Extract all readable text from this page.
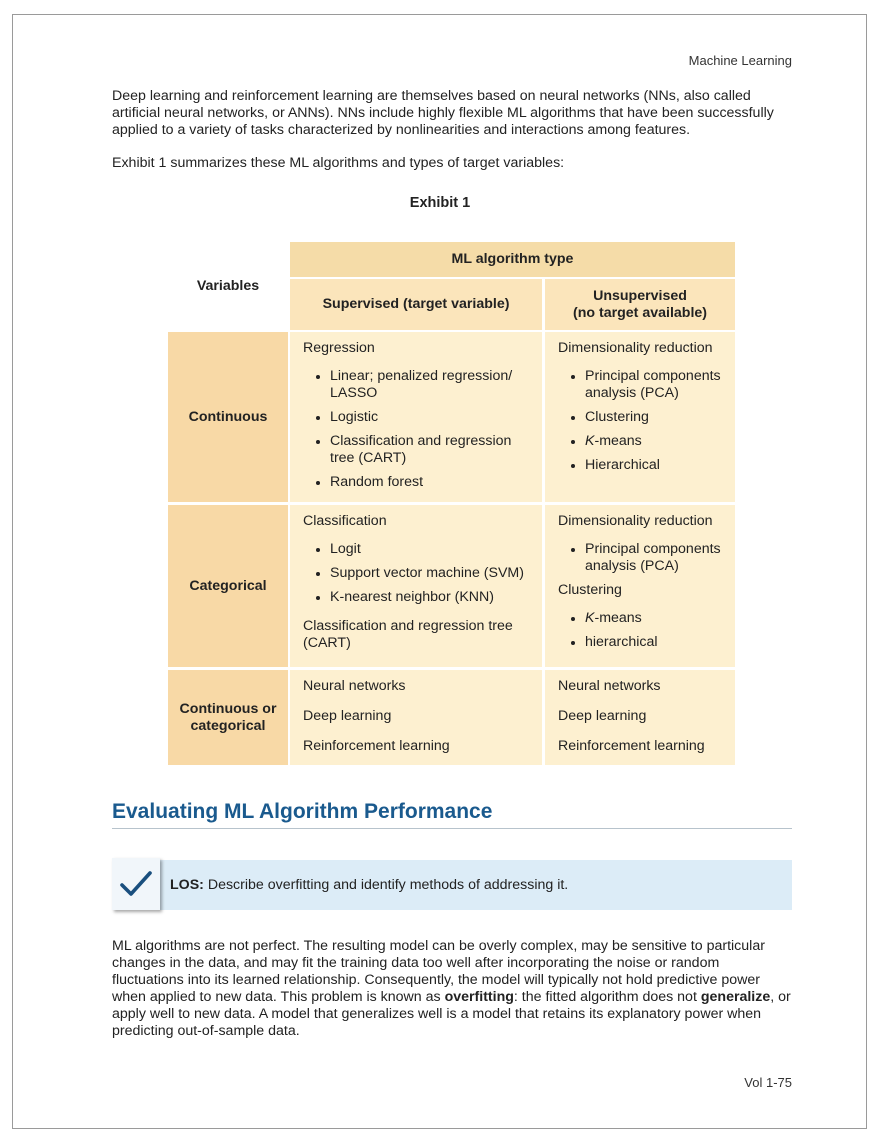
Machine Learning
Deep learning and reinforcement learning are themselves based on neural networks (NNs, also called artificial neural networks, or ANNs). NNs include highly flexible ML algorithms that have been successfully applied to a variety of tasks characterized by nonlinearities and interactions among features.
Exhibit 1 summarizes these ML algorithms and types of target variables:
Exhibit 1
Variables
ML algorithm type
Supervised (target variable)
Unsupervised
(no target available)
Continuous

Regression

• Linear; penalized regression/ LASSO
• Logistic
• Classification and regression tree (CART)
• Random forest

Dimensionality reduction

• Principal components analysis (PCA)
• Clustering
• K-means
• Hierarchical
Categorical

Classification

• Logit
• Support vector machine (SVM)
• K-nearest neighbor (KNN)

Classification and regression tree (CART)

Dimensionality reduction

• Principal components analysis (PCA)

Clustering

• K-means
• hierarchical
Continuous or
categorical

Neural networks

Deep learning

Reinforcement learning

Neural networks

Deep learning

Reinforcement learning

Evaluating ML Algorithm Performance
LOS: Describe overfitting and identify methods of addressing it.
ML algorithms are not perfect. The resulting model can be overly complex, may be sensitive to particular changes in the data, and may fit the training data too well after incorporating the noise or random fluctuations into its learned relationship. Consequently, the model will typically not hold predictive power when applied to new data. This problem is known as overfitting: the fitted algorithm does not generalize, or apply well to new data. A model that generalizes well is a model that retains its explanatory power when predicting out-of-sample data.
Vol 1-75
